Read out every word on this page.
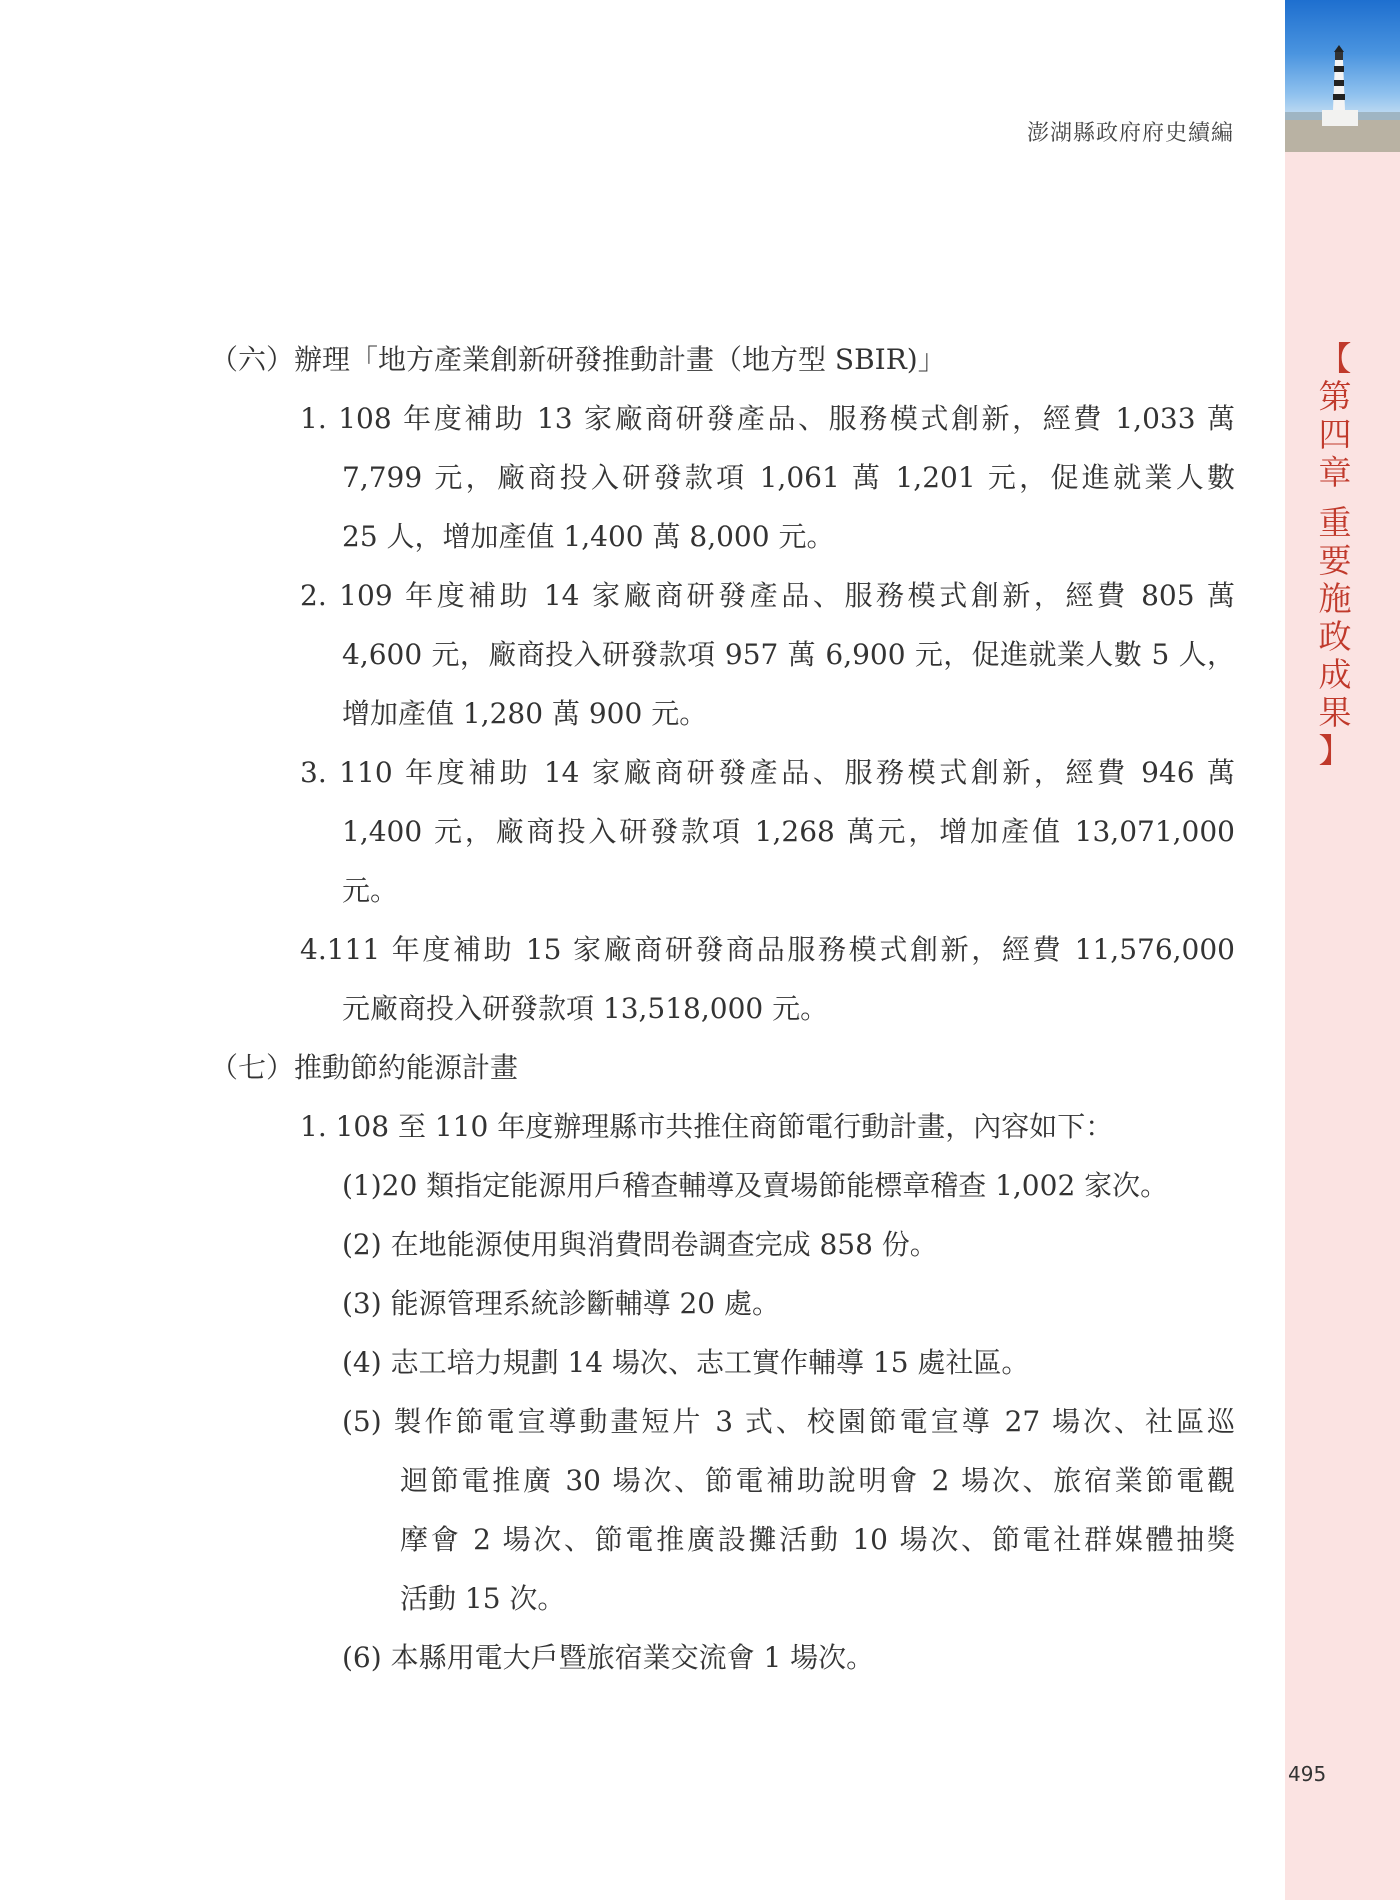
澎湖縣政府府史續編
【
第
四
章
重
要
施
政
成
果
】
（六）辦理「地方產業創新研發推動計畫（地方型 SBIR)」
1. 108 年度補助 13 家廠商研發產品、服務模式創新，經費 1,033 萬
7,799 元，廠商投入研發款項 1,061 萬 1,201 元，促進就業人數
25 人，增加產值 1,400 萬 8,000 元。
2. 109 年度補助 14 家廠商研發產品、服務模式創新，經費 805 萬
4,600 元，廠商投入研發款項 957 萬 6,900 元，促進就業人數 5 人，
增加產值 1,280 萬 900 元。
3. 110 年度補助 14 家廠商研發產品、服務模式創新，經費 946 萬
1,400 元，廠商投入研發款項 1,268 萬元，增加產值 13,071,000
元。
4.111 年度補助 15 家廠商研發商品服務模式創新，經費 11,576,000
元廠商投入研發款項 13,518,000 元。
（七）推動節約能源計畫
1. 108 至 110 年度辦理縣市共推住商節電行動計畫，內容如下：
(1)20 類指定能源用戶稽查輔導及賣場節能標章稽查 1,002 家次。
(2) 在地能源使用與消費問卷調查完成 858 份。
(3) 能源管理系統診斷輔導 20 處。
(4) 志工培力規劃 14 場次、志工實作輔導 15 處社區。
(5) 製作節電宣導動畫短片 3 式、校園節電宣導 27 場次、社區巡
迴節電推廣 30 場次、節電補助說明會 2 場次、旅宿業節電觀
摩會 2 場次、節電推廣設攤活動 10 場次、節電社群媒體抽獎
活動 15 次。
(6) 本縣用電大戶暨旅宿業交流會 1 場次。
495
